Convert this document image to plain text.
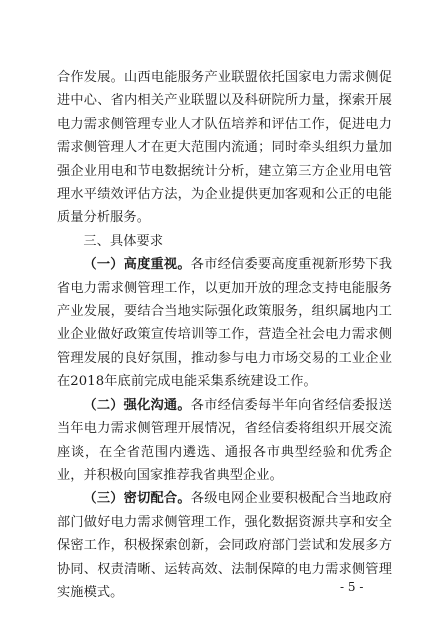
合作发展。山西电能服务产业联盟依托国家电力需求侧促进中心、省内相关产业联盟以及科研院所力量，探索开展电力需求侧管理专业人才队伍培养和评估工作，促进电力需求侧管理人才在更大范围内流通；同时牵头组织力量加强企业用电和节电数据统计分析，建立第三方企业用电管理水平绩效评估方法，为企业提供更加客观和公正的电能质量分析服务。

三、具体要求

（一）高度重视。各市经信委要高度重视新形势下我省电力需求侧管理工作，以更加开放的理念支持电能服务产业发展，要结合当地实际强化政策服务，组织属地内工业企业做好政策宣传培训等工作，营造全社会电力需求侧管理发展的良好氛围，推动参与电力市场交易的工业企业在2018年底前完成电能采集系统建设工作。

（二）强化沟通。各市经信委每半年向省经信委报送当年电力需求侧管理开展情况，省经信委将组织开展交流座谈，在全省范围内遴选、通报各市典型经验和优秀企业，并积极向国家推荐我省典型企业。

（三）密切配合。各级电网企业要积极配合当地政府部门做好电力需求侧管理工作，强化数据资源共享和安全保密工作，积极探索创新，会同政府部门尝试和发展多方协同、权责清晰、运转高效、法制保障的电力需求侧管理实施模式。	- 5 -
